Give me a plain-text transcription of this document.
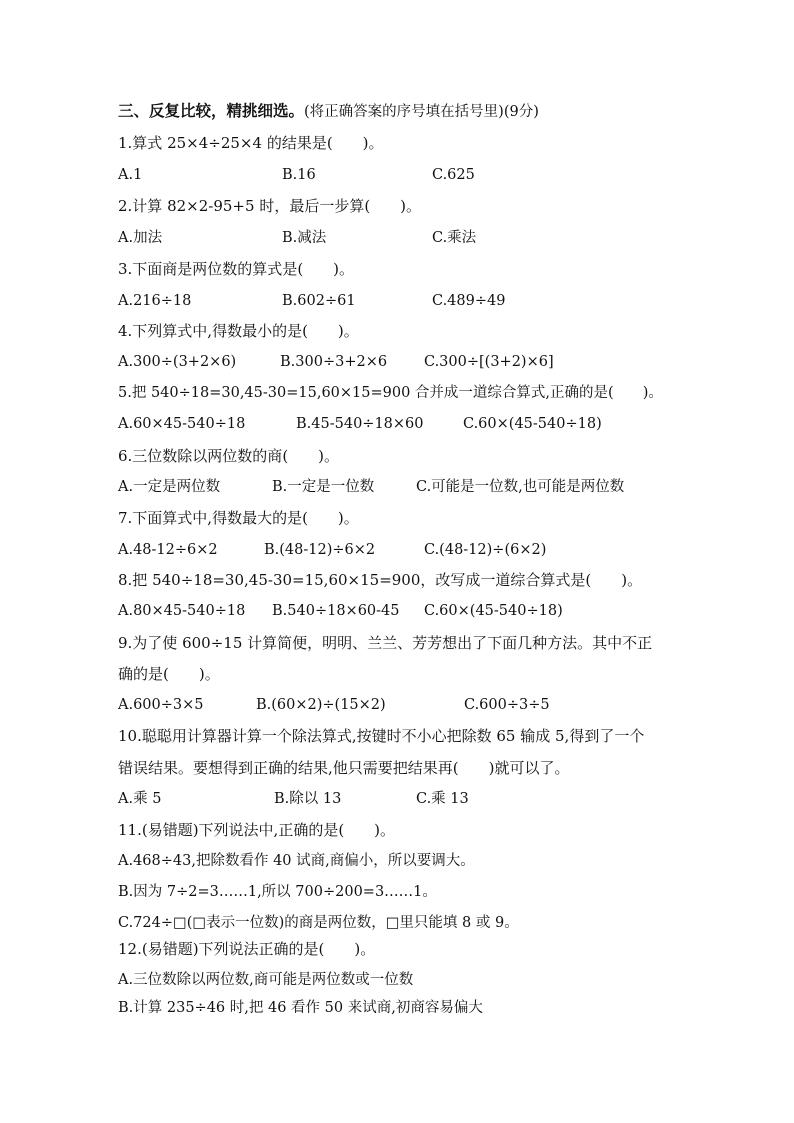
三、反复比较，精挑细选。(将正确答案的序号填在括号里)(9分)
1.算式 25×4÷25×4 的结果是(　　)。
A.1	B.16	C.625
2.计算 82×2-95+5 时，最后一步算(　　)。
A.加法	B.减法	C.乘法
3.下面商是两位数的算式是(　　)。
A.216÷18	B.602÷61	C.489÷49
4.下列算式中,得数最小的是(　　)。
A.300÷(3+2×6)	B.300÷3+2×6	C.300÷[(3+2)×6]
5.把 540÷18=30,45-30=15,60×15=900 合并成一道综合算式,正确的是(　　)。
A.60×45-540÷18	B.45-540÷18×60	C.60×(45-540÷18)
6.三位数除以两位数的商(　　)。
A.一定是两位数	B.一定是一位数	C.可能是一位数,也可能是两位数
7.下面算式中,得数最大的是(　　)。
A.48-12÷6×2	B.(48-12)÷6×2	C.(48-12)÷(6×2)
8.把 540÷18=30,45-30=15,60×15=900，改写成一道综合算式是(　　)。
A.80×45-540÷18 B.540÷18×60-45 C.60×(45-540÷18)
9.为了使 600÷15 计算简便，明明、兰兰、芳芳想出了下面几种方法。其中不正
确的是(　　)。
A.600÷3×5	B.(60×2)÷(15×2)	C.600÷3÷5
10.聪聪用计算器计算一个除法算式,按键时不小心把除数 65 输成 5,得到了一个
错误结果。要想得到正确的结果,他只需要把结果再(　　)就可以了。
A.乘 5	B.除以 13	C.乘 13
11.(易错题)下列说法中,正确的是(　　)。
A.468÷43,把除数看作 40 试商,商偏小，所以要调大。
B.因为 7÷2=3……1,所以 700÷200=3……1。
C.724÷□(□表示一位数)的商是两位数，□里只能填 8 或 9。
12.(易错题)下列说法正确的是(　　)。
A.三位数除以两位数,商可能是两位数或一位数
B.计算 235÷46 时,把 46 看作 50 来试商,初商容易偏大
